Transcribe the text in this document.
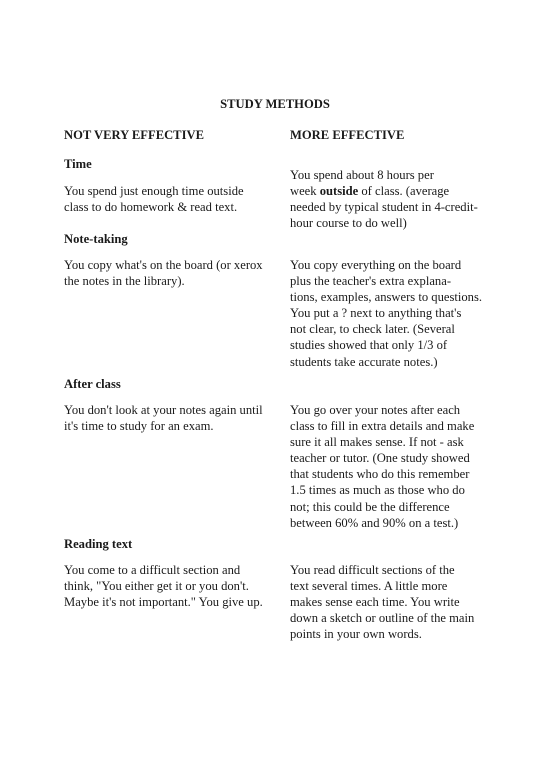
STUDY METHODS
NOT VERY EFFECTIVE	MORE EFFECTIVE
Time
You spend just enough time outside
class to do homework & read text.
You spend about 8 hours per
week outside of class. (average
needed by typical student in 4-credit-
hour course to do well)
Note-taking
You copy what's on the board (or xerox
the notes in the library).
You copy everything on the board
plus the teacher's extra explana-
tions, examples, answers to questions.
You put a ? next to anything that's
not clear, to check later. (Several
studies showed that only 1/3 of
students take accurate notes.)
After class
You don't look at your notes again until
it's time to study for an exam.
You go over your notes after each
class to fill in extra details and make
sure it all makes sense. If not - ask
teacher or tutor. (One study showed
that students who do this remember
1.5 times as much as those who do
not; this could be the difference
between 60% and 90% on a test.)
Reading text
You come to a difficult section and
think, "You either get it or you don't.
Maybe it's not important." You give up.
You read difficult sections of the
text several times. A little more
makes sense each time. You write
down a sketch or outline of the main
points in your own words.
